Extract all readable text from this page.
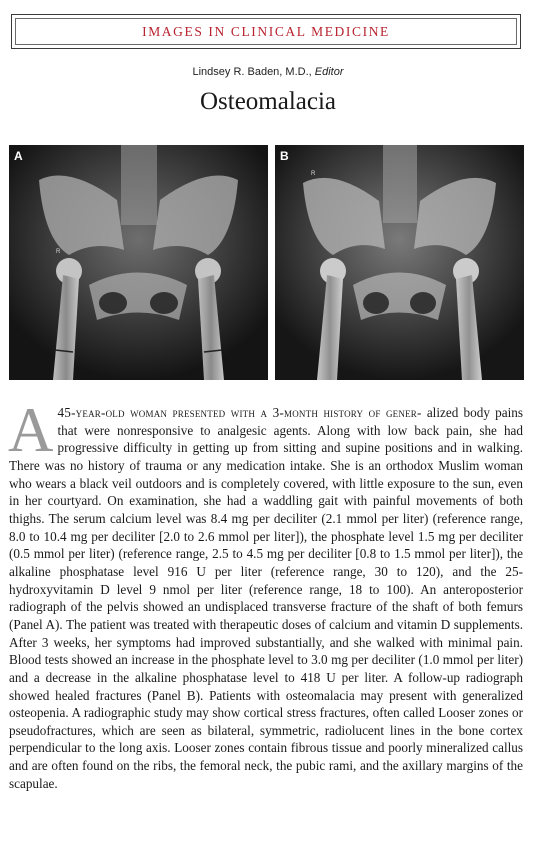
IMAGES IN CLINICAL MEDICINE
Lindsey R. Baden, M.D., Editor
Osteomalacia
A
R
B
R
A 45-year-old woman presented with a 3-month history of gener- alized body pains that were nonresponsive to analgesic agents. Along with low back pain, she had progressive difficulty in getting up from sitting and supine positions and in walking. There was no history of trauma or any medication intake. She is an orthodox Muslim woman who wears a black veil outdoors and is completely covered, with little exposure to the sun, even in her courtyard. On examination, she had a waddling gait with painful movements of both thighs. The serum calcium level was 8.4 mg per deciliter (2.1 mmol per liter) (reference range, 8.0 to 10.4 mg per deciliter [2.0 to 2.6 mmol per liter]), the phosphate level 1.5 mg per deciliter (0.5 mmol per liter) (reference range, 2.5 to 4.5 mg per deciliter [0.8 to 1.5 mmol per liter]), the alkaline phosphatase level 916 U per liter (reference range, 30 to 120), and the 25-hydroxyvitamin D level 9 nmol per liter (reference range, 18 to 100). An anteroposterior radiograph of the pelvis showed an undisplaced transverse fracture of the shaft of both femurs (Panel A). The patient was treated with therapeutic doses of calcium and vitamin D supplements. After 3 weeks, her symptoms had improved substantially, and she walked with minimal pain. Blood tests showed an increase in the phosphate level to 3.0 mg per deciliter (1.0 mmol per liter) and a decrease in the alkaline phosphatase level to 418 U per liter. A follow-up radiograph showed healed fractures (Panel B). Patients with osteomalacia may present with generalized osteopenia. A radiographic study may show cortical stress fractures, often called Looser zones or pseudofractures, which are seen as bilateral, symmetric, radiolucent lines in the bone cortex perpendicular to the long axis. Looser zones contain fibrous tissue and poorly mineralized callus and are often found on the ribs, the femoral neck, the pubic rami, and the axillary margins of the scapulae.
